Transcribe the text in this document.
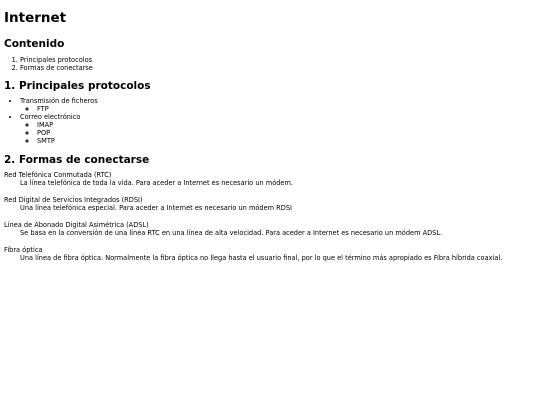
Internet
Contenido
1. Principales protocolos
2. Formas de conectarse
1. Principales protocolos
• Transmisión de ficheros
◦ FTP
• Correo electrónico
◦ IMAP
◦ POP
◦ SMTP
2. Formas de conectarse
Red Telefónica Conmutada (RTC)
La línea telefónica de toda la vida. Para aceder a Internet es necesario un módem.
Red Digital de Servicios Integrados (RDSI)
Una línea telefónica especial. Para aceder a Internet es necesario un módem RDSI
Línea de Abonado Digital Asimétrica (ADSL)
Se basa en la conversión de una línea RTC en una línea de alta velocidad. Para aceder a Internet es necesario un módem ADSL.
Fibra óptica
Una línea de fibra óptica. Normalmente la fibra óptica no llega hasta el usuario final, por lo que el término más apropiado es Fibra híbrida coaxial.
